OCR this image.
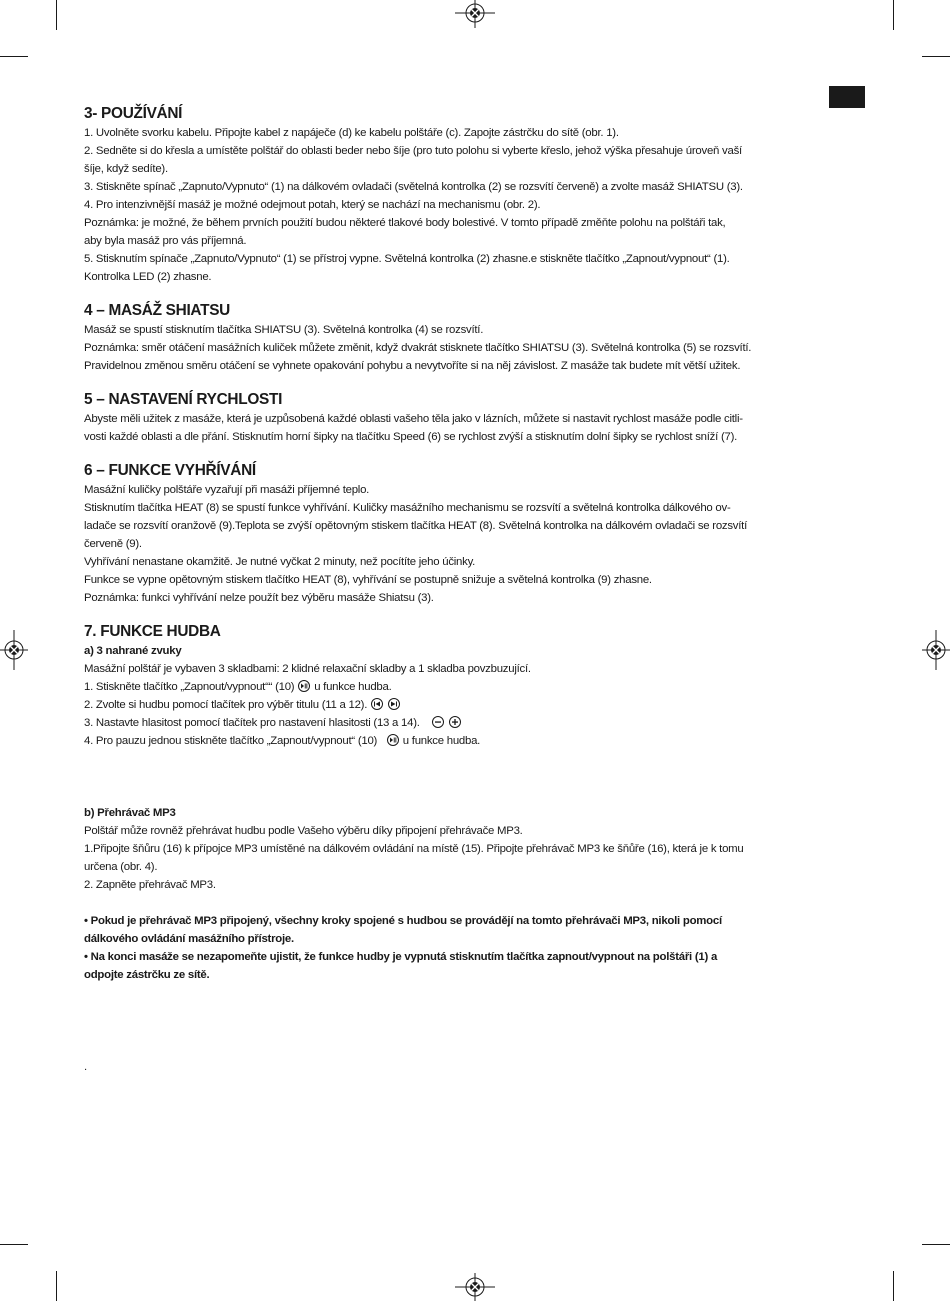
3- POUŽÍVÁNÍ

1. Uvolněte svorku kabelu. Připojte kabel z napáječe (d) ke kabelu polštáře (c). Zapojte zástrčku do sítě (obr. 1).

2. Sedněte si do křesla a umístěte polštář do oblasti beder nebo šíje (pro tuto polohu si vyberte křeslo, jehož výška přesahuje úroveň vaší

šíje, když sedíte).

3. Stiskněte spínač „Zapnuto/Vypnuto“ (1) na dálkovém ovladači (světelná kontrolka (2) se rozsvítí červeně) a zvolte masáž SHIATSU (3).

4. Pro intenzivnější masáž je možné odejmout potah, který se nachází na mechanismu (obr. 2).

Poznámka: je možné, že během prvních použití budou některé tlakové body bolestivé. V tomto případě změňte polohu na polštáři tak,

aby byla masáž pro vás příjemná.

5. Stisknutím spínače „Zapnuto/Vypnuto“ (1) se přístroj vypne. Světelná kontrolka (2) zhasne.e stiskněte tlačítko „Zapnout/vypnout“ (1).

Kontrolka LED (2) zhasne.

4 – MASÁŽ SHIATSU

Masáž se spustí stisknutím tlačítka SHIATSU (3). Světelná kontrolka (4) se rozsvítí.

Poznámka: směr otáčení masážních kuliček můžete změnit, když dvakrát stisknete tlačítko SHIATSU (3). Světelná kontrolka (5) se rozsvítí.

Pravidelnou změnou směru otáčení se vyhnete opakování pohybu a nevytvoříte si na něj závislost. Z masáže tak budete mít větší užitek.

5 – NASTAVENÍ RYCHLOSTI

Abyste měli užitek z masáže, která je uzpůsobená každé oblasti vašeho těla jako v lázních, můžete si nastavit rychlost masáže podle citli-

vosti každé oblasti a dle přání. Stisknutím horní šipky na tlačítku Speed (6) se rychlost zvýší a stisknutím dolní šipky se rychlost sníží (7).

6 – FUNKCE VYHŘÍVÁNÍ

Masážní kuličky polštáře vyzařují při masáži příjemné teplo.

Stisknutím tlačítka HEAT (8) se spustí funkce vyhřívání. Kuličky masážního mechanismu se rozsvítí a světelná kontrolka dálkového ov-

ladače se rozsvítí oranžově (9).Teplota se zvýší opětovným stiskem tlačítka HEAT (8). Světelná kontrolka na dálkovém ovladači se rozsvítí

červeně (9).

Vyhřívání nenastane okamžitě. Je nutné vyčkat 2 minuty, než pocítíte jeho účinky.

Funkce se vypne opětovným stiskem tlačítko HEAT (8), vyhřívání se postupně snižuje a světelná kontrolka (9) zhasne.

Poznámka: funkci vyhřívání nelze použít bez výběru masáže Shiatsu (3).

7. FUNKCE HUDBA

a) 3 nahrané zvuky

Masážní polštář je vybaven 3 skladbami: 2 klidné relaxační skladby a 1 skladba povzbuzující.

1. Stiskněte tlačítko „Zapnout/vypnout““ (10)
u funkce hudba.

2. Zvolte si hudbu pomocí tlačítek pro výběr titulu (11 a 12).

3. Nastavte hlasitost pomocí tlačítek pro nastavení hlasitosti (13 a 14).

4. Pro pauzu jednou stiskněte tlačítko „Zapnout/vypnout“ (10)
u funkce hudba.

b) Přehrávač MP3

Polštář může rovněž přehrávat hudbu podle Vašeho výběru díky připojení přehrávače MP3.

1.Připojte šňůru (16) k přípojce MP3 umístěné na dálkovém ovládání na místě (15). Připojte přehrávač MP3 ke šňůře (16), která je k tomu

určena (obr. 4).

2. Zapněte přehrávač MP3.

• Pokud je přehrávač MP3 připojený, všechny kroky spojené s hudbou se provádějí na tomto přehrávači MP3, nikoli pomocí

dálkového ovládání masážního přístroje.

• Na konci masáže se nezapomeňte ujistit, že funkce hudby je vypnutá stisknutím tlačítka zapnout/vypnout na polštáři (1) a

odpojte zástrčku ze sítě.

.
